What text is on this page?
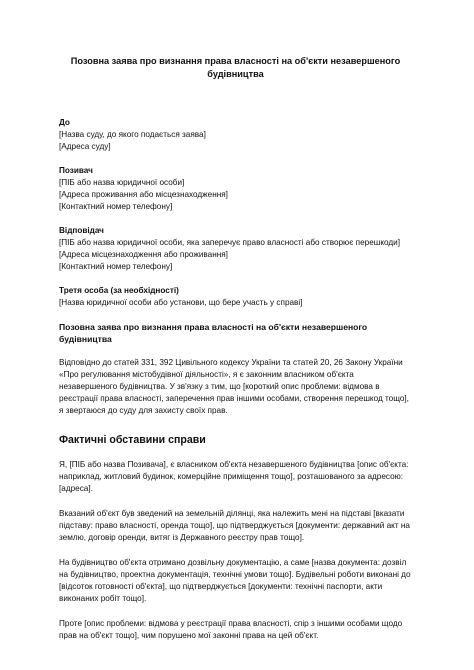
Позовна заява про визнання права власності на об'єкти незавершеного будівництва
До
[Назва суду, до якого подається заява]
[Адреса суду]
Позивач
[ПІБ або назва юридичної особи]
[Адреса проживання або місцезнаходження]
[Контактний номер телефону]
Відповідач
[ПІБ або назва юридичної особи, яка заперечує право власності або створює перешкоди]
[Адреса місцезнаходження або проживання]
[Контактний номер телефону]
Третя особа (за необхідності)
[Назва юридичної особи або установи, що бере участь у справі]
Позовна заява про визнання права власності на об'єкти незавершеного будівництва
Відповідно до статей 331, 392 Цивільного кодексу України та статей 20, 26 Закону України «Про регулювання містобудівної діяльності», я є законним власником об'єкта незавершеного будівництва. У зв'язку з тим, що [короткий опис проблеми: відмова в реєстрації права власності, заперечення прав іншими особами, створення перешкод тощо], я звертаюся до суду для захисту своїх прав.
Фактичні обставини справи
Я, [ПІБ або назва Позивача], є власником об'єкта незавершеного будівництва [опис об'єкта: наприклад, житловий будинок, комерційне приміщення тощо], розташованого за адресою: [адреса].
Вказаний об'єкт був зведений на земельній ділянці, яка належить мені на підставі [вказати підставу: право власності, оренда тощо], що підтверджується [документи: державний акт на землю, договір оренди, витяг із Державного реєстру прав тощо].
На будівництво об'єкта отримано дозвільну документацію, а саме [назва документа: дозвіл на будівництво, проектна документація, технічні умови тощо]. Будівельні роботи виконані до [відсоток готовності об'єкта], що підтверджується [документи: технічні паспорти, акти виконаних робіт тощо].
Проте [опис проблеми: відмова у реєстрації права власності, спір з іншими особами щодо прав на об'єкт тощо], чим порушено мої законні права на цей об'єкт.
